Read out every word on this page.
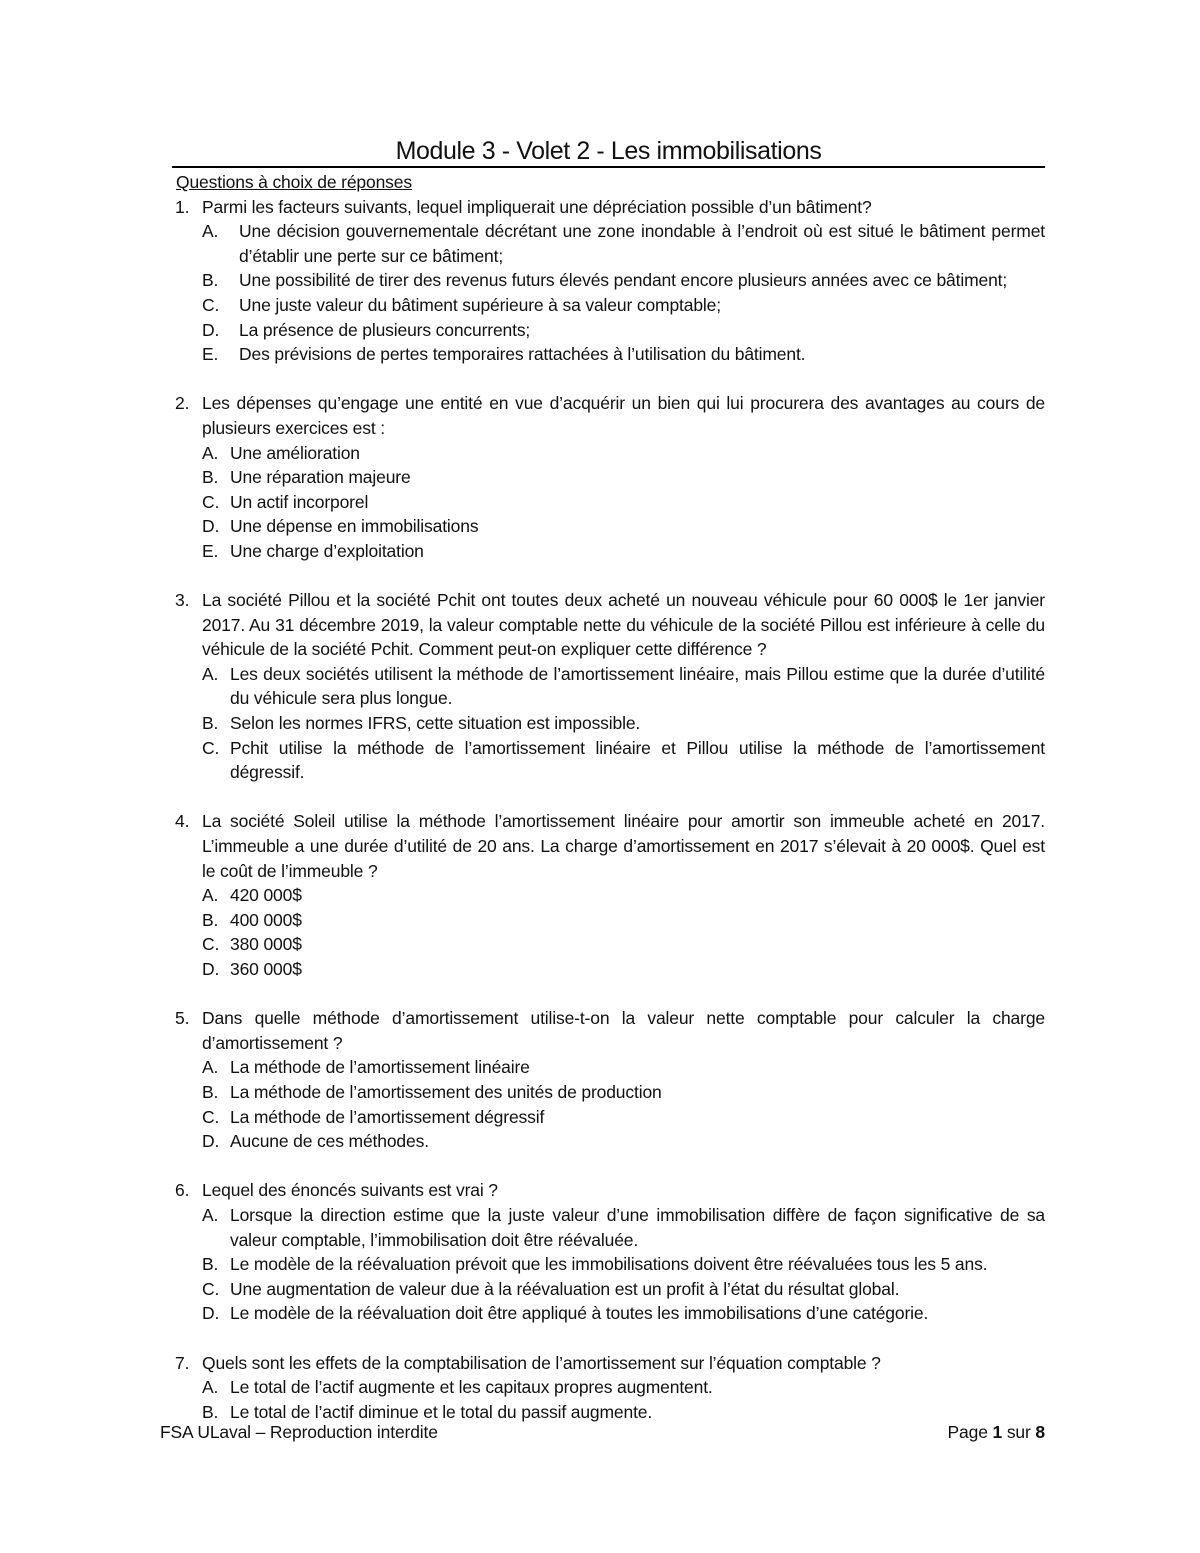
Module 3 - Volet 2 - Les immobilisations
Questions à choix de réponses
1. Parmi les facteurs suivants, lequel impliquerait une dépréciation possible d’un bâtiment?
A. Une décision gouvernementale décrétant une zone inondable à l’endroit où est situé le bâtiment permet d’établir une perte sur ce bâtiment;
B. Une possibilité de tirer des revenus futurs élevés pendant encore plusieurs années avec ce bâtiment;
C. Une juste valeur du bâtiment supérieure à sa valeur comptable;
D. La présence de plusieurs concurrents;
E. Des prévisions de pertes temporaires rattachées à l’utilisation du bâtiment.
2. Les dépenses qu’engage une entité en vue d’acquérir un bien qui lui procurera des avantages au cours de plusieurs exercices est :
A. Une amélioration
B. Une réparation majeure
C. Un actif incorporel
D. Une dépense en immobilisations
E. Une charge d’exploitation
3. La société Pillou et la société Pchit ont toutes deux acheté un nouveau véhicule pour 60 000$ le 1er janvier 2017. Au 31 décembre 2019, la valeur comptable nette du véhicule de la société Pillou est inférieure à celle du véhicule de la société Pchit. Comment peut-on expliquer cette différence ?
A. Les deux sociétés utilisent la méthode de l’amortissement linéaire, mais Pillou estime que la durée d’utilité du véhicule sera plus longue.
B. Selon les normes IFRS, cette situation est impossible.
C. Pchit utilise la méthode de l’amortissement linéaire et Pillou utilise la méthode de l’amortissement dégressif.
4. La société Soleil utilise la méthode l’amortissement linéaire pour amortir son immeuble acheté en 2017. L’immeuble a une durée d’utilité de 20 ans. La charge d’amortissement en 2017 s’élevait à 20 000$. Quel est le coût de l’immeuble ?
A. 420 000$
B. 400 000$
C. 380 000$
D. 360 000$
5. Dans quelle méthode d’amortissement utilise-t-on la valeur nette comptable pour calculer la charge d’amortissement ?
A. La méthode de l’amortissement linéaire
B. La méthode de l’amortissement des unités de production
C. La méthode de l’amortissement dégressif
D. Aucune de ces méthodes.
6. Lequel des énoncés suivants est vrai ?
A. Lorsque la direction estime que la juste valeur d’une immobilisation diffère de façon significative de sa valeur comptable, l’immobilisation doit être réévaluée.
B. Le modèle de la réévaluation prévoit que les immobilisations doivent être réévaluées tous les 5 ans.
C. Une augmentation de valeur due à la réévaluation est un profit à l’état du résultat global.
D. Le modèle de la réévaluation doit être appliqué à toutes les immobilisations d’une catégorie.
7. Quels sont les effets de la comptabilisation de l’amortissement sur l’équation comptable ?
A. Le total de l’actif augmente et les capitaux propres augmentent.
B. Le total de l’actif diminue et le total du passif augmente.
FSA ULaval – Reproduction interdite	Page 1 sur 8
